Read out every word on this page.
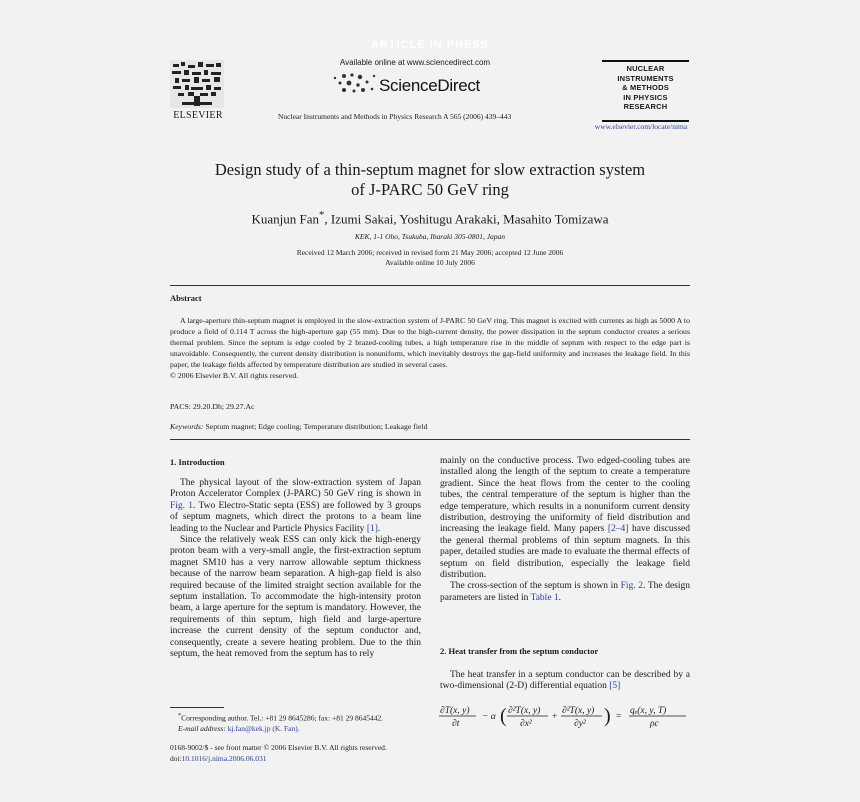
ARTICLE IN PRESS
ELSEVIER
Available online at www.sciencedirect.com
ScienceDirect
Nuclear Instruments and Methods in Physics Research A 565 (2006) 439–443
NUCLEAR
INSTRUMENTS
& METHODS
IN PHYSICS
RESEARCH
www.elsevier.com/locate/nima
Design study of a thin-septum magnet for slow extraction system
of J-PARC 50 GeV ring
Kuanjun Fan*, Izumi Sakai, Yoshitugu Arakaki, Masahito Tomizawa
KEK, 1-1 Oho, Tsukuba, Ibaraki 305-0801, Japan
Received 12 March 2006; received in revised form 21 May 2006; accepted 12 June 2006
Available online 10 July 2006
Abstract
A large-aperture thin-septum magnet is employed in the slow-extraction system of J-PARC 50 GeV ring. This magnet is excited with currents as high as 5000 A to produce a field of 0.114 T across the high-aperture gap (55 mm). Due to the high-current density, the power dissipation in the septum conductor creates a serious thermal problem. Since the septum is edge cooled by 2 brazed-cooling tubes, a high temperature rise in the middle of septum with respect to the edge part is unavoidable. Consequently, the current density distribution is nonuniform, which inevitably destroys the gap-field uniformity and increases the leakage field. In this paper, the leakage fields affected by temperature distribution are studied in several cases.
© 2006 Elsevier B.V. All rights reserved.
PACS: 29.20.Dh; 29.27.Ac
Keywords: Septum magnet; Edge cooling; Temperature distribution; Leakage field
1. Introduction

The physical layout of the slow-extraction system of Japan Proton Accelerator Complex (J-PARC) 50 GeV ring is shown in Fig. 1. Two Electro-Static septa (ESS) are followed by 3 groups of septum magnets, which direct the protons to a beam line leading to the Nuclear and Particle Physics Facility [1].

Since the relatively weak ESS can only kick the high-energy proton beam with a very-small angle, the first-extraction septum magnet SM10 has a very narrow allowable septum thickness because of the narrow beam separation. A high-gap field is also required because of the limited straight section available for the septum installation. To accommodate the high-intensity proton beam, a large aperture for the septum is mandatory. However, the requirements of thin septum, high field and large-aperture increase the current density of the septum conductor and, consequently, create a severe heating problem. Due to the thin septum, the heat removed from the septum has to rely

mainly on the conductive process. Two edged-cooling tubes are installed along the length of the septum to create a temperature gradient. Since the heat flows from the center to the cooling tubes, the central temperature of the septum is higher than the edge temperature, which results in a nonuniform current density distribution, destroying the uniformity of field distribution and increasing the leakage field. Many papers [2–4] have discussed the general thermal problems of thin septum magnets. In this paper, detailed studies are made to evaluate the thermal effects of septum on field distribution, especially the leakage field distribution.

The cross-section of the septum is shown in Fig. 2. The design parameters are listed in Table 1.

2. Heat transfer from the septum conductor

The heat transfer in a septum conductor can be described by a two-dimensional (2-D) differential equation [5]

∂T(x, y)
∂t
− α ( ∂²T(x, y)
∂x²
+
∂²T(x, y)
∂y² ) =
qₑ(x, y, T)
ρc
*Corresponding author. Tel.: +81 29 8645286; fax: +81 29 8645442.
E-mail address: kj.fan@kek.jp (K. Fan).
0168-9002/$ - see front matter © 2006 Elsevier B.V. All rights reserved.
doi:10.1016/j.nima.2006.06.031
